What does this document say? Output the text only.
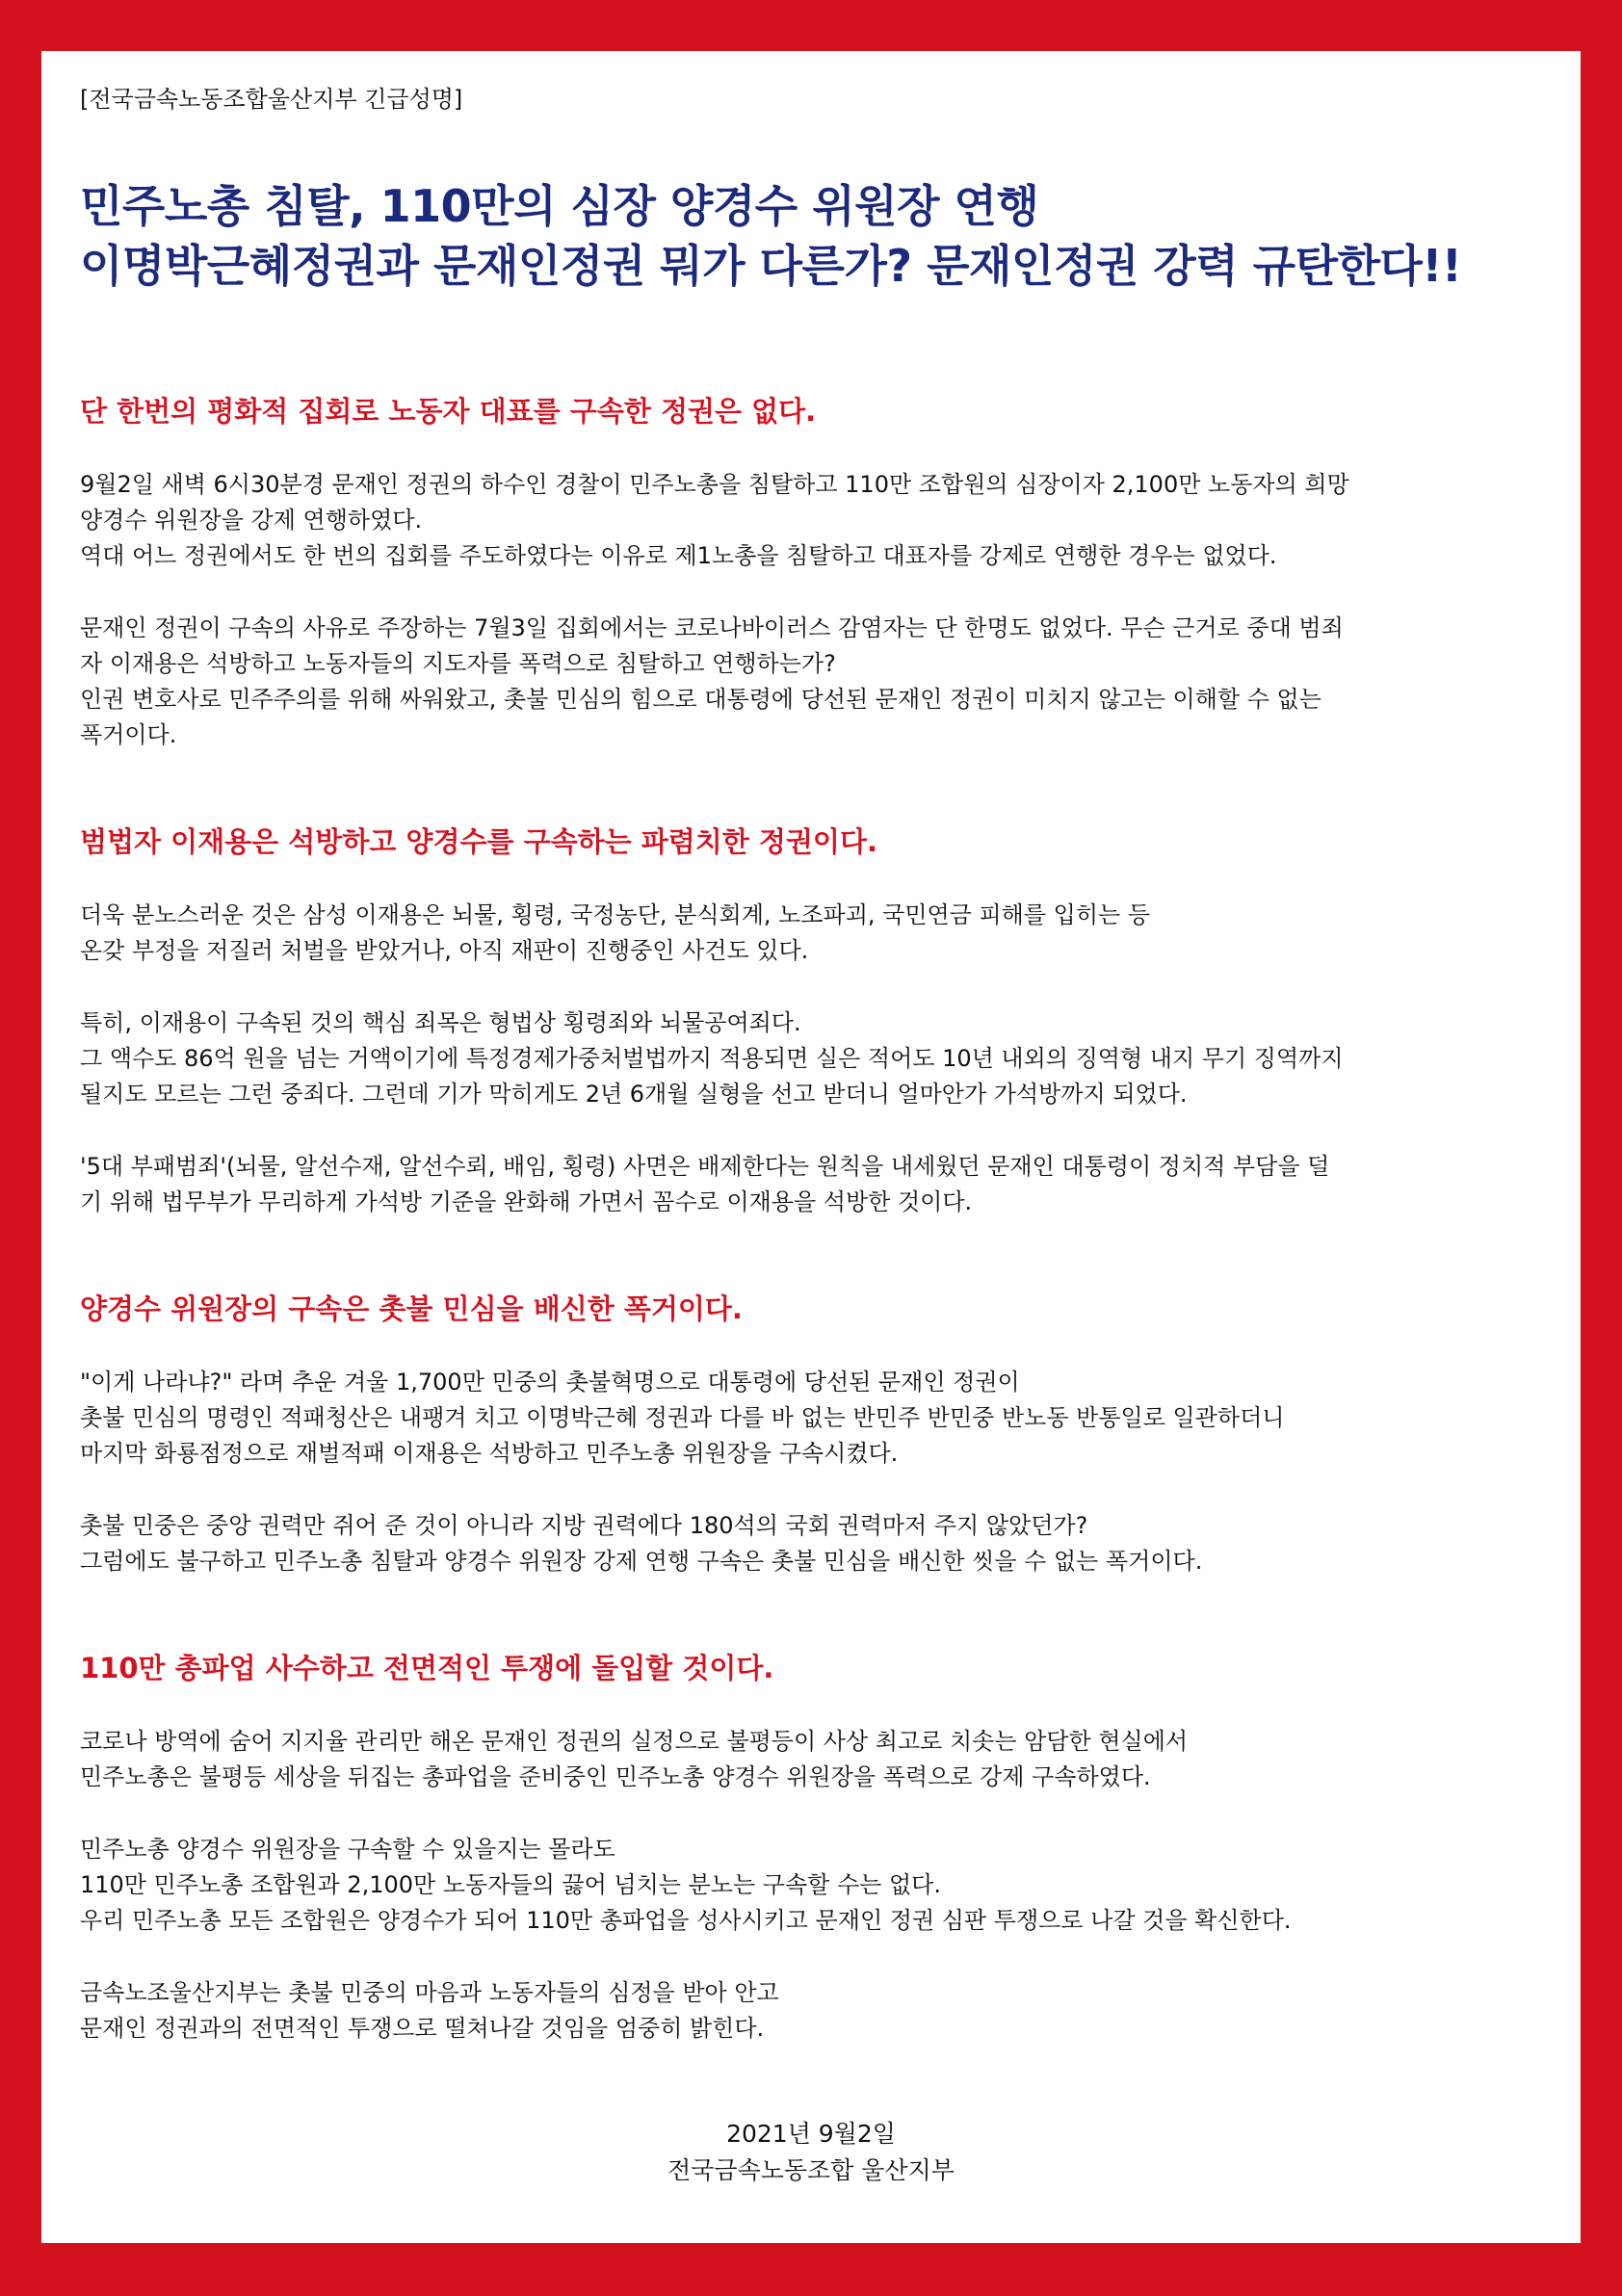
[전국금속노동조합울산지부 긴급성명]
민주노총 침탈, 110만의 심장 양경수 위원장 연행
이명박근혜정권과 문재인정권 뭐가 다른가? 문재인정권 강력 규탄한다!!
단 한번의 평화적 집회로 노동자 대표를 구속한 정권은 없다.
9월2일 새벽 6시30분경 문재인 정권의 하수인 경찰이 민주노총을 침탈하고 110만 조합원의 심장이자 2,100만 노동자의 희망
양경수 위원장을 강제 연행하였다.
역대 어느 정권에서도 한 번의 집회를 주도하였다는 이유로 제1노총을 침탈하고 대표자를 강제로 연행한 경우는 없었다.
문재인 정권이 구속의 사유로 주장하는 7월3일 집회에서는 코로나바이러스 감염자는 단 한명도 없었다. 무슨 근거로 중대 범죄
자 이재용은 석방하고 노동자들의 지도자를 폭력으로 침탈하고 연행하는가?
인권 변호사로 민주주의를 위해 싸워왔고, 촛불 민심의 힘으로 대통령에 당선된 문재인 정권이 미치지 않고는 이해할 수 없는
폭거이다.
범법자 이재용은 석방하고 양경수를 구속하는 파렴치한 정권이다.
더욱 분노스러운 것은 삼성 이재용은 뇌물, 횡령, 국정농단, 분식회계, 노조파괴, 국민연금 피해를 입히는 등
온갖 부정을 저질러 처벌을 받았거나, 아직 재판이 진행중인 사건도 있다.
특히, 이재용이 구속된 것의 핵심 죄목은 형법상 횡령죄와 뇌물공여죄다.
그 액수도 86억 원을 넘는 거액이기에 특정경제가중처벌법까지 적용되면 실은 적어도 10년 내외의 징역형 내지 무기 징역까지
될지도 모르는 그런 중죄다. 그런데 기가 막히게도 2년 6개월 실형을 선고 받더니 얼마안가 가석방까지 되었다.
'5대 부패범죄'(뇌물, 알선수재, 알선수뢰, 배임, 횡령) 사면은 배제한다는 원칙을 내세웠던 문재인 대통령이 정치적 부담을 덜
기 위해 법무부가 무리하게 가석방 기준을 완화해 가면서 꼼수로 이재용을 석방한 것이다.
양경수 위원장의 구속은 촛불 민심을 배신한 폭거이다.
"이게 나라냐?" 라며 추운 겨울 1,700만 민중의 촛불혁명으로 대통령에 당선된 문재인 정권이
촛불 민심의 명령인 적패청산은 내팽겨 치고 이명박근혜 정권과 다를 바 없는 반민주 반민중 반노동 반통일로 일관하더니
마지막 화룡점정으로 재벌적패 이재용은 석방하고 민주노총 위원장을 구속시켰다.
촛불 민중은 중앙 권력만 쥐어 준 것이 아니라 지방 권력에다 180석의 국회 권력마저 주지 않았던가?
그럼에도 불구하고 민주노총 침탈과 양경수 위원장 강제 연행 구속은 촛불 민심을 배신한 씻을 수 없는 폭거이다.
110만 총파업 사수하고 전면적인 투쟁에 돌입할 것이다.
코로나 방역에 숨어 지지율 관리만 해온 문재인 정권의 실정으로 불평등이 사상 최고로 치솟는 암담한 현실에서
민주노총은 불평등 세상을 뒤집는 총파업을 준비중인 민주노총 양경수 위원장을 폭력으로 강제 구속하였다.
민주노총 양경수 위원장을 구속할 수 있을지는 몰라도
110만 민주노총 조합원과 2,100만 노동자들의 끓어 넘치는 분노는 구속할 수는 없다.
우리 민주노총 모든 조합원은 양경수가 되어 110만 총파업을 성사시키고 문재인 정권 심판 투쟁으로 나갈 것을 확신한다.
금속노조울산지부는 촛불 민중의 마음과 노동자들의 심정을 받아 안고
문재인 정권과의 전면적인 투쟁으로 떨쳐나갈 것임을 엄중히 밝힌다.
2021년 9월2일
전국금속노동조합 울산지부
